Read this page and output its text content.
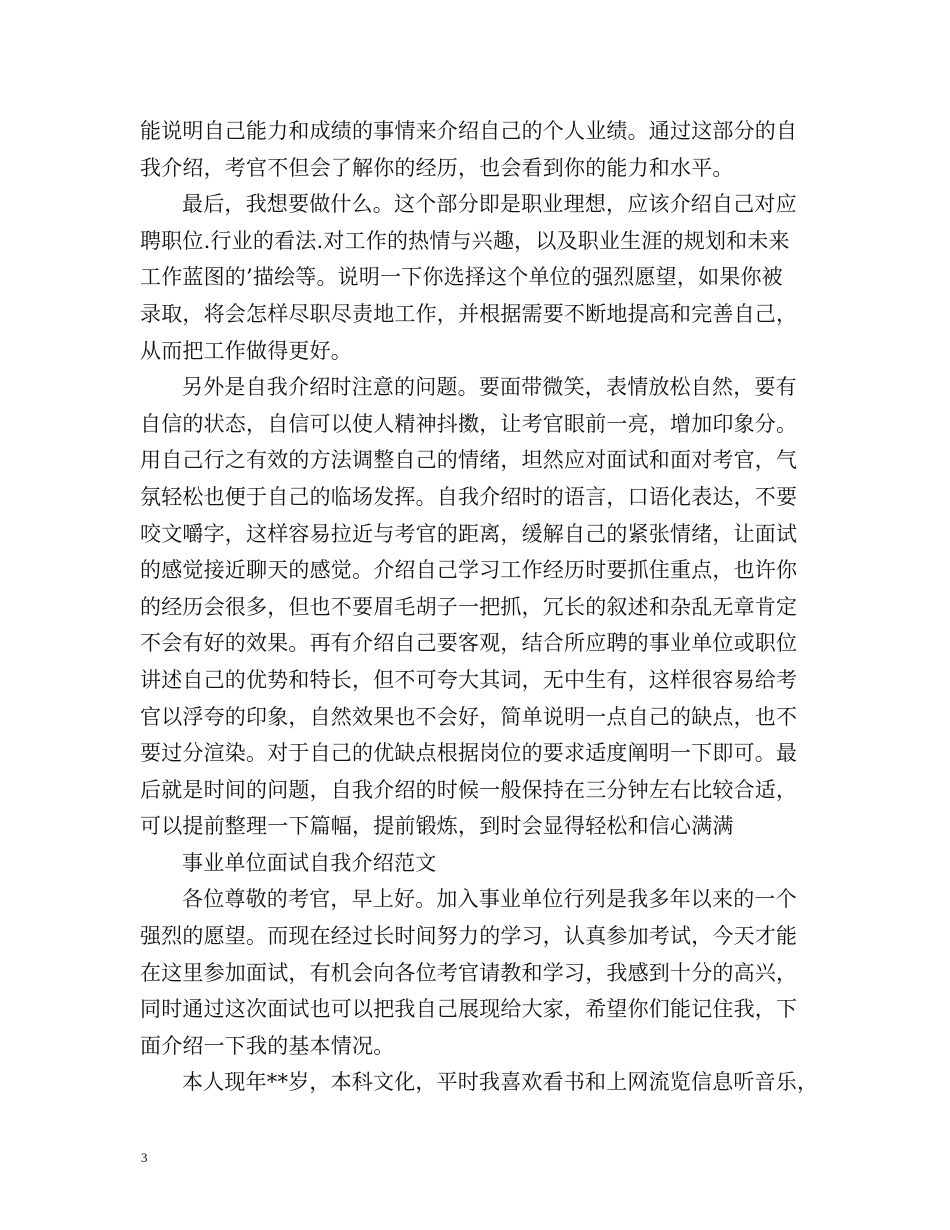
能说明自己能力和成绩的事情来介绍自己的个人业绩。通过这部分的自
我介绍，考官不但会了解你的经历，也会看到你的能力和水平。
最后，我想要做什么。这个部分即是职业理想，应该介绍自己对应
聘职位.行业的看法.对工作的热情与兴趣，以及职业生涯的规划和未来
工作蓝图的’描绘等。说明一下你选择这个单位的强烈愿望，如果你被
录取，将会怎样尽职尽责地工作，并根据需要不断地提高和完善自己，
从而把工作做得更好。
另外是自我介绍时注意的问题。要面带微笑，表情放松自然，要有
自信的状态，自信可以使人精神抖擞，让考官眼前一亮，增加印象分。
用自己行之有效的方法调整自己的情绪，坦然应对面试和面对考官，气
氛轻松也便于自己的临场发挥。自我介绍时的语言，口语化表达，不要
咬文嚼字，这样容易拉近与考官的距离，缓解自己的紧张情绪，让面试
的感觉接近聊天的感觉。介绍自己学习工作经历时要抓住重点，也许你
的经历会很多，但也不要眉毛胡子一把抓，冗长的叙述和杂乱无章肯定
不会有好的效果。再有介绍自己要客观，结合所应聘的事业单位或职位
讲述自己的优势和特长，但不可夸大其词，无中生有，这样很容易给考
官以浮夸的印象，自然效果也不会好，简单说明一点自己的缺点，也不
要过分渲染。对于自己的优缺点根据岗位的要求适度阐明一下即可。最
后就是时间的问题，自我介绍的时候一般保持在三分钟左右比较合适，
可以提前整理一下篇幅，提前锻炼，到时会显得轻松和信心满满
事业单位面试自我介绍范文
各位尊敬的考官，早上好。加入事业单位行列是我多年以来的一个
强烈的愿望。而现在经过长时间努力的学习，认真参加考试，今天才能
在这里参加面试，有机会向各位考官请教和学习，我感到十分的高兴，
同时通过这次面试也可以把我自己展现给大家，希望你们能记住我，下
面介绍一下我的基本情况。
本人现年**岁，本科文化，平时我喜欢看书和上网流览信息听音乐，
3
